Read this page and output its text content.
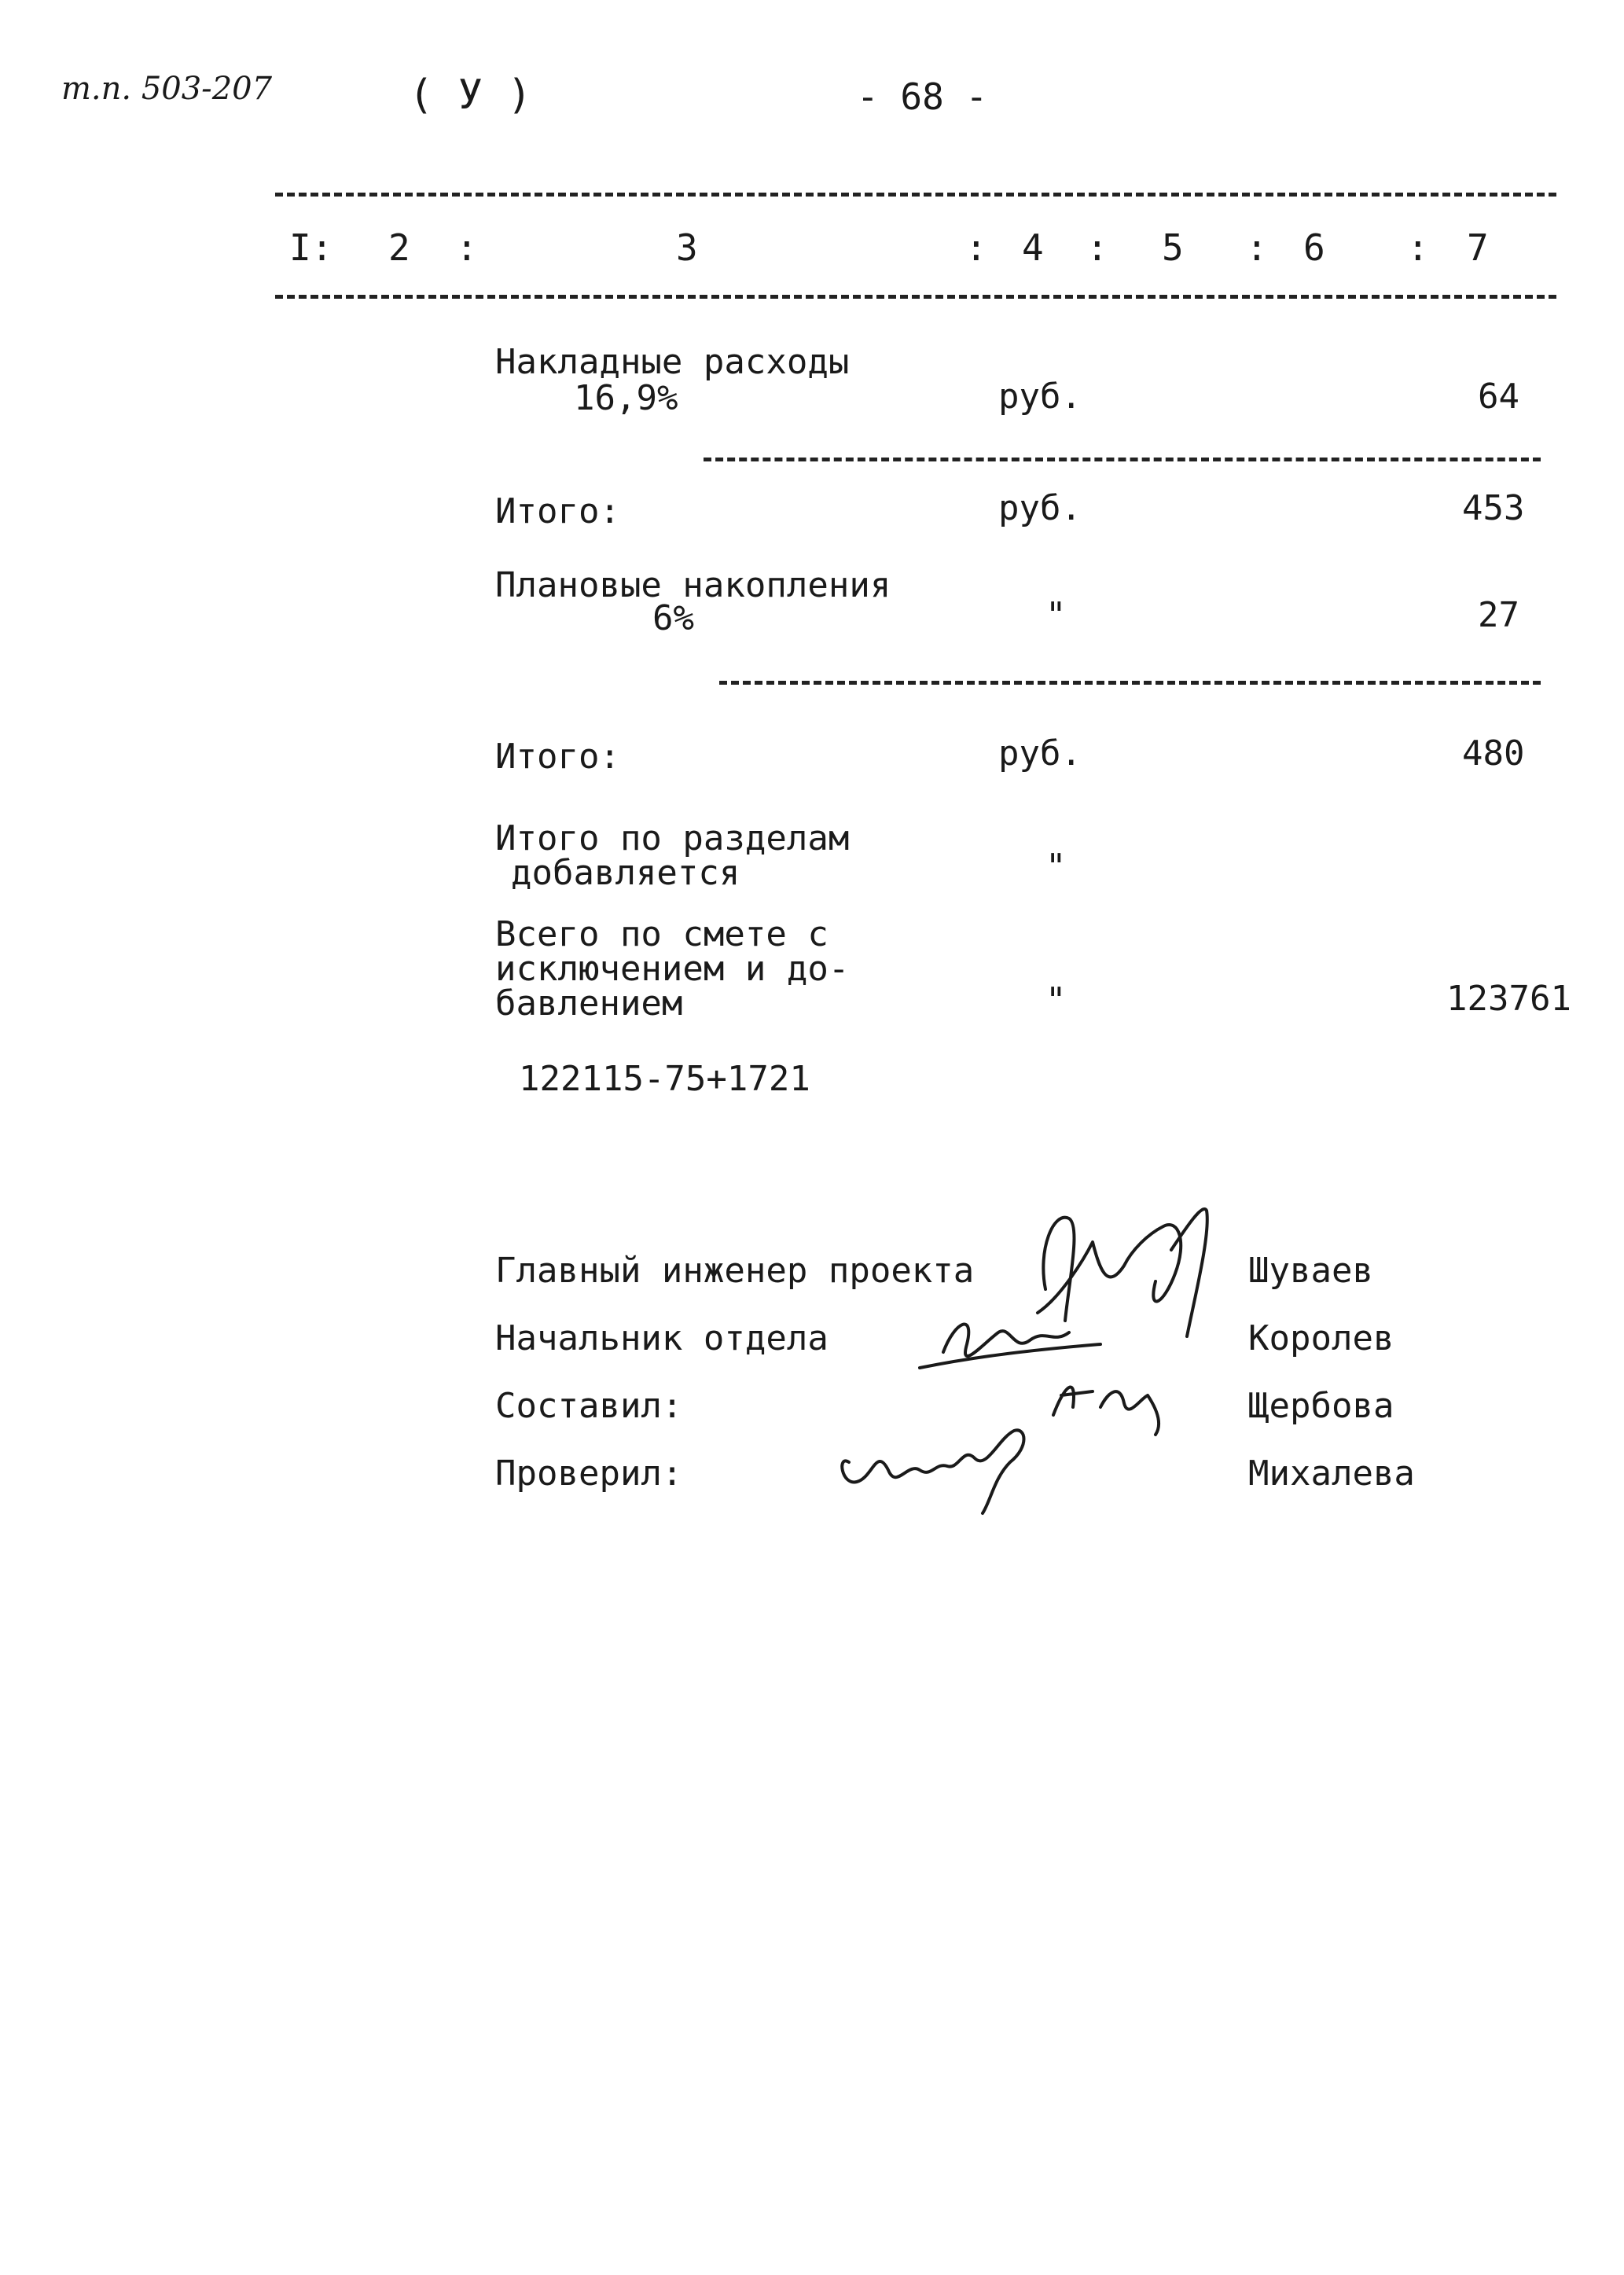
т.п. 503-207	( У )	- 68 -
I: 2 :	3	: 4 : 5 : 6 : 7
Накладные расходы
16,9%	руб.	64
Итого:	руб.	453
Плановые накопления
6%	"	27
Итого:	руб.	480
Итого по разделам
добавляется	"
Всего по смете с
исключением и до-
бавлением	"	123761
122115-75+1721
Главный инженер проекта	Шуваев
Начальник отдела	Королев
Составил:	Щербова
Проверил:	Михалева
